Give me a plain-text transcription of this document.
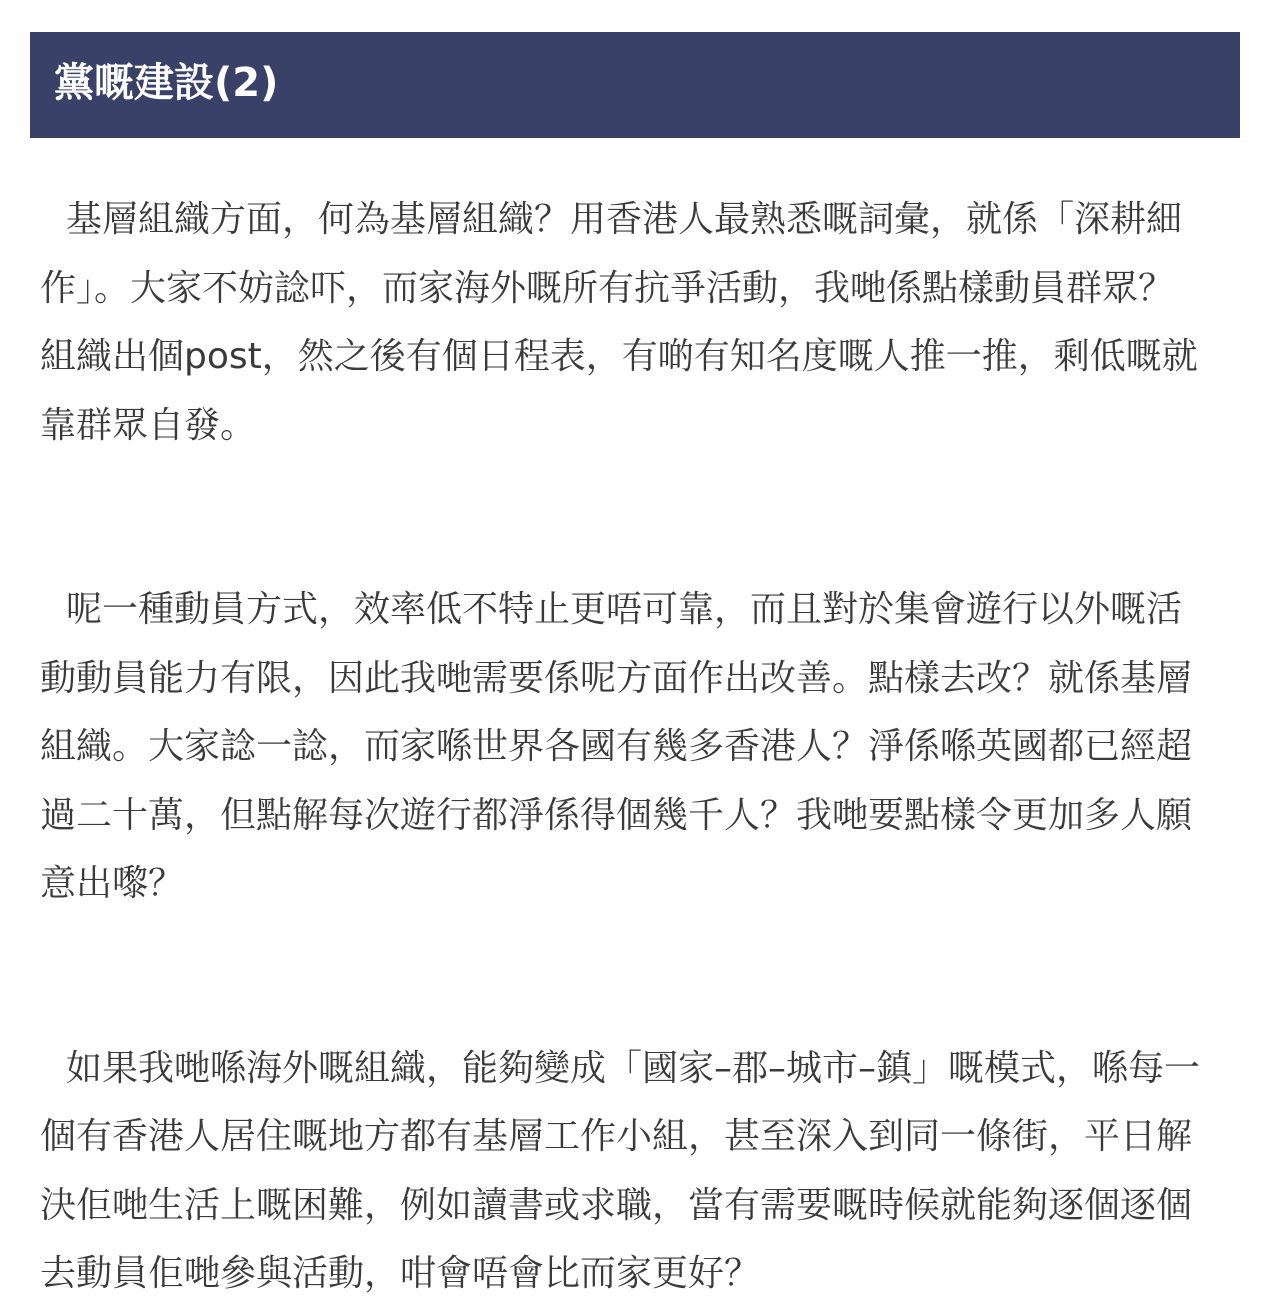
黨嘅建設(2)

基層組織方面，何為基層組織？用香港人最熟悉嘅詞彙，就係「深耕細作」。大家不妨諗吓，而家海外嘅所有抗爭活動，我哋係點樣動員群眾？組織出個post，然之後有個日程表，有啲有知名度嘅人推一推，剩低嘅就靠群眾自發。

呢一種動員方式，效率低不特止更唔可靠，而且對於集會遊行以外嘅活動動員能力有限，因此我哋需要係呢方面作出改善。點樣去改？就係基層組織。大家諗一諗，而家喺世界各國有幾多香港人？淨係喺英國都已經超過二十萬，但點解每次遊行都淨係得個幾千人？我哋要點樣令更加多人願意出嚟？

如果我哋喺海外嘅組織，能夠變成「國家–郡–城市–鎮」嘅模式，喺每一個有香港人居住嘅地方都有基層工作小組，甚至深入到同一條街，平日解決佢哋生活上嘅困難，例如讀書或求職，當有需要嘅時候就能夠逐個逐個去動員佢哋參與活動，咁會唔會比而家更好？
